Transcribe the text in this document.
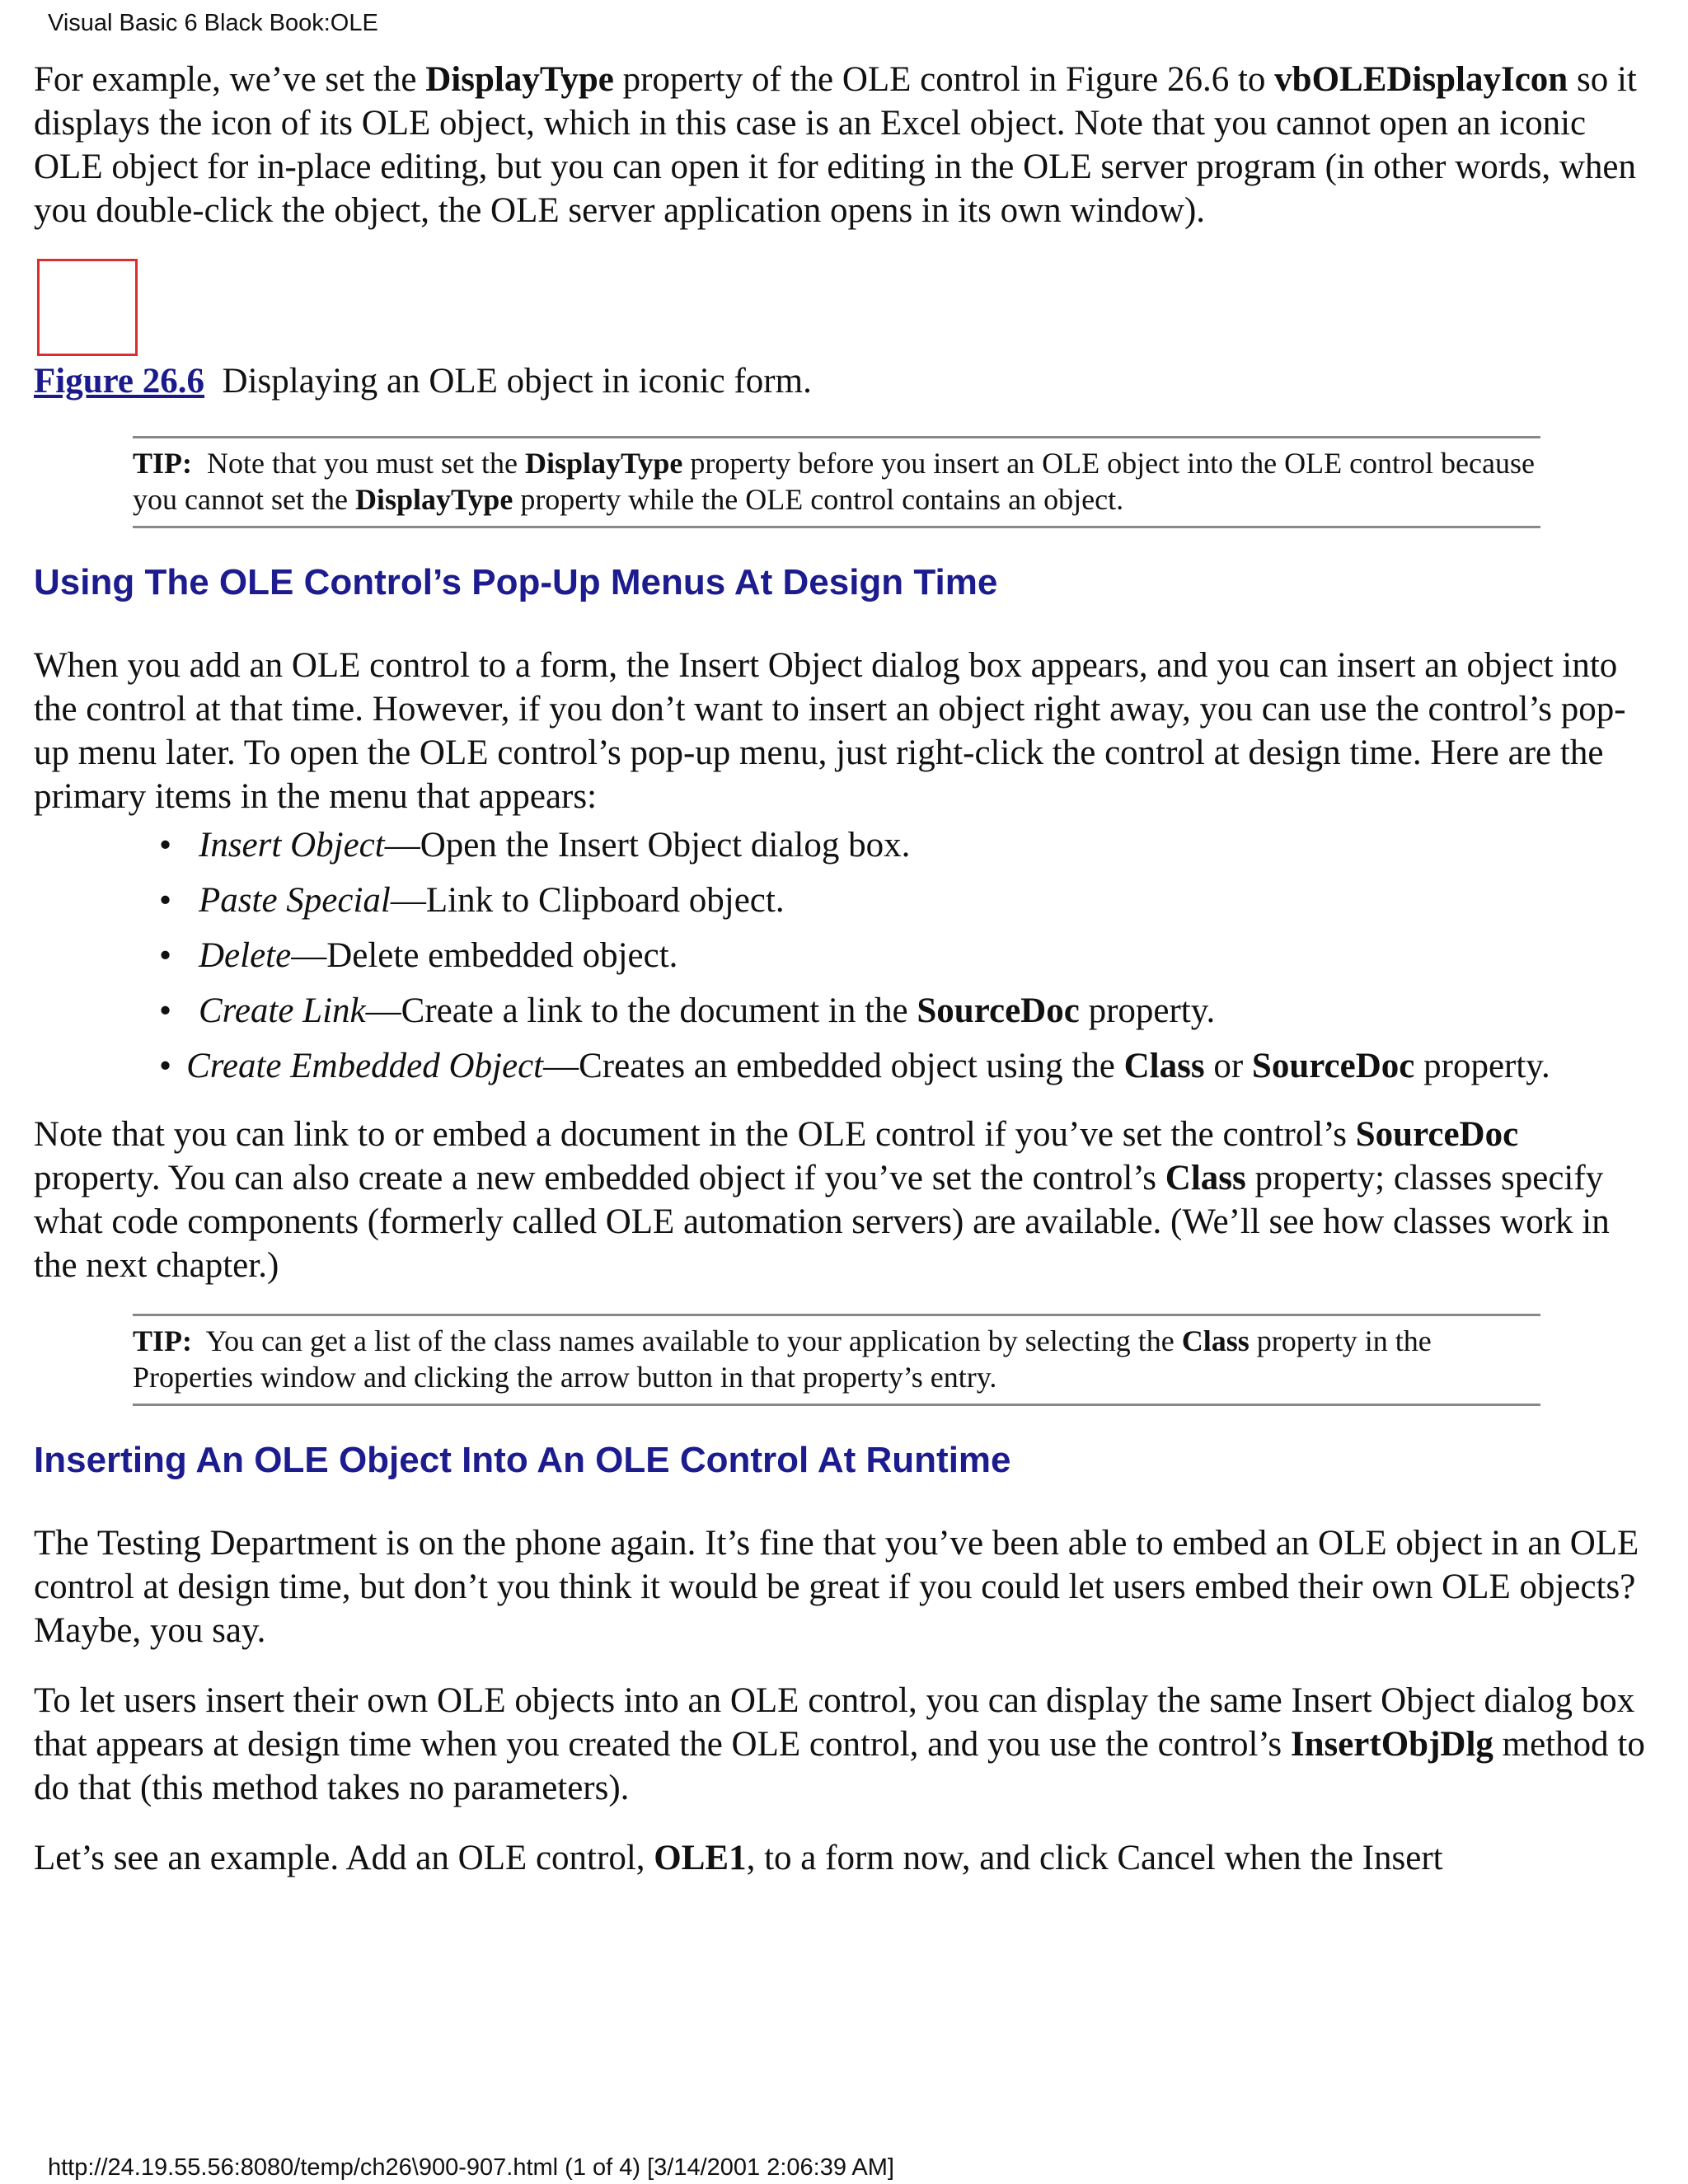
Visual Basic 6 Black Book:OLE

For example, we’ve set the DisplayType property of the OLE control in Figure 26.6 to vbOLEDisplayIcon so it displays the icon of its OLE object, which in this case is an Excel object. Note that you cannot open an iconic OLE object for in-place editing, but you can open it for editing in the OLE server program (in other words, when you double-click the object, the OLE server application opens in its own window).

Figure 26.6 Displaying an OLE object in iconic form.

TIP: Note that you must set the DisplayType property before you insert an OLE object into the OLE control because you cannot set the DisplayType property while the OLE control contains an object.

Using The OLE Control’s Pop-Up Menus At Design Time

When you add an OLE control to a form, the Insert Object dialog box appears, and you can insert an object into the control at that time. However, if you don’t want to insert an object right away, you can use the control’s pop-up menu later. To open the OLE control’s pop-up menu, just right-click the control at design time. Here are the primary items in the menu that appears:

• Insert Object—Open the Insert Object dialog box.
• Paste Special—Link to Clipboard object.
• Delete—Delete embedded object.
• Create Link—Create a link to the document in the SourceDoc property.
• Create Embedded Object—Creates an embedded object using the Class or SourceDoc property.

Note that you can link to or embed a document in the OLE control if you’ve set the control’s SourceDoc property. You can also create a new embedded object if you’ve set the control’s Class property; classes specify what code components (formerly called OLE automation servers) are available. (We’ll see how classes work in the next chapter.)

TIP: You can get a list of the class names available to your application by selecting the Class property in the Properties window and clicking the arrow button in that property’s entry.

Inserting An OLE Object Into An OLE Control At Runtime

The Testing Department is on the phone again. It’s fine that you’ve been able to embed an OLE object in an OLE control at design time, but don’t you think it would be great if you could let users embed their own OLE objects? Maybe, you say.

To let users insert their own OLE objects into an OLE control, you can display the same Insert Object dialog box that appears at design time when you created the OLE control, and you use the control’s InsertObjDlg method to do that (this method takes no parameters).

Let’s see an example. Add an OLE control, OLE1, to a form now, and click Cancel when the Insert

http://24.19.55.56:8080/temp/ch26\900-907.html (1 of 4) [3/14/2001 2:06:39 AM]
